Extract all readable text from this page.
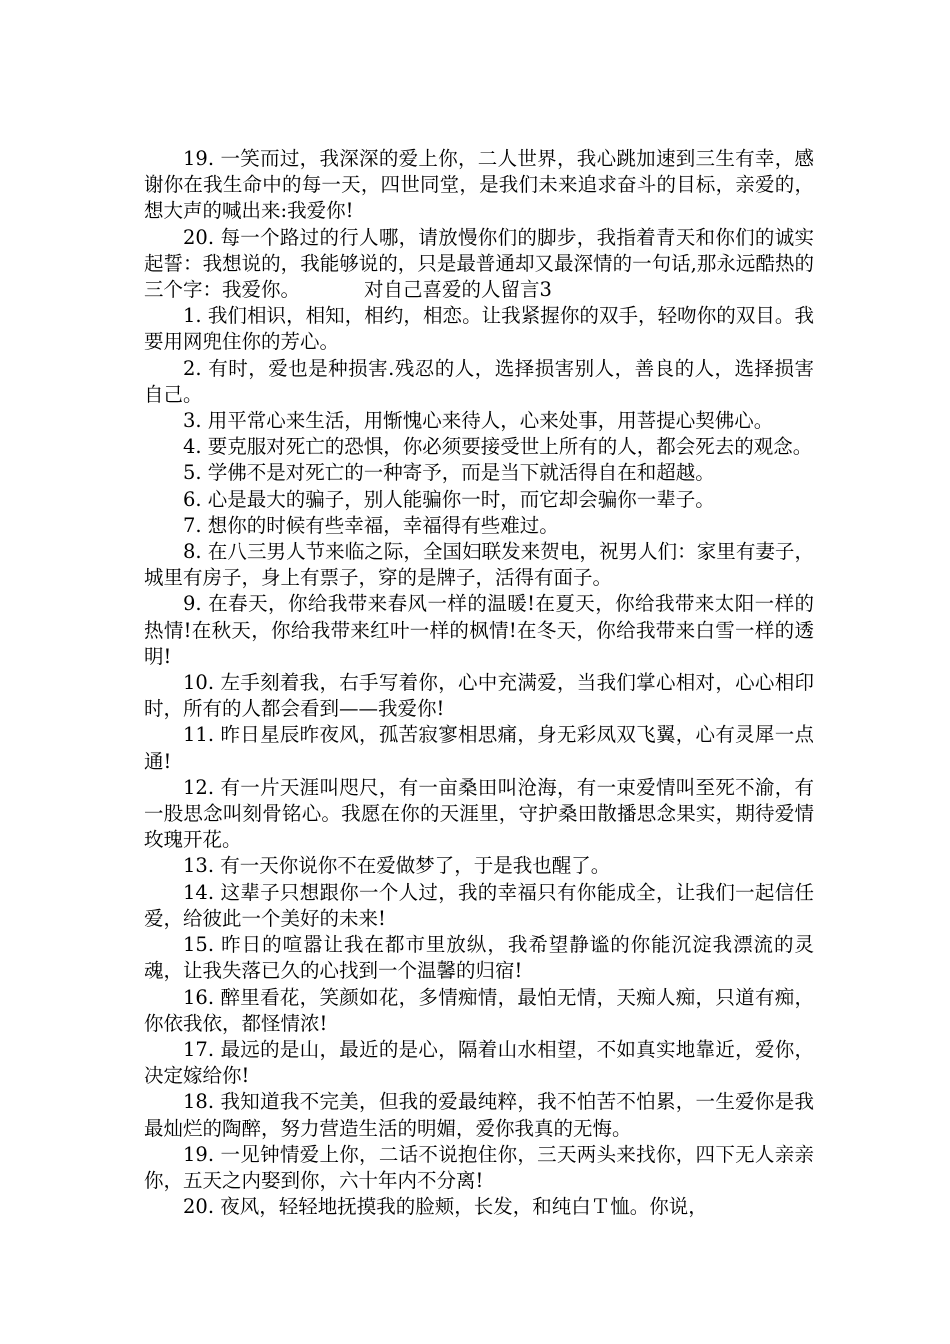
19. 一笑而过，我深深的爱上你，二人世界，我心跳加速到三生有幸，感谢你在我生命中的每一天，四世同堂，是我们未来追求奋斗的目标，亲爱的，想大声的喊出来:我爱你!

20. 每一个路过的行人哪，请放慢你们的脚步，我指着青天和你们的诚实起誓：我想说的，我能够说的，只是最普通却又最深情的一句话,那永远酷热的三个字：我爱你。	对自己喜爱的人留言3

1. 我们相识，相知，相约，相恋。让我紧握你的双手，轻吻你的双目。我要用网兜住你的芳心。

2. 有时，爱也是种损害.残忍的人，选择损害别人，善良的人，选择损害自己。

3. 用平常心来生活，用惭愧心来待人，心来处事，用菩提心契佛心。

4. 要克服对死亡的恐惧，你必须要接受世上所有的人，都会死去的观念。

5. 学佛不是对死亡的一种寄予，而是当下就活得自在和超越。

6. 心是最大的骗子，别人能骗你一时，而它却会骗你一辈子。

7. 想你的时候有些幸福，幸福得有些难过。

8. 在八三男人节来临之际，全国妇联发来贺电，祝男人们：家里有妻子，城里有房子，身上有票子，穿的是牌子，活得有面子。

9. 在春天，你给我带来春风一样的温暖!在夏天，你给我带来太阳一样的热情!在秋天，你给我带来红叶一样的枫情!在冬天，你给我带来白雪一样的透明!

10. 左手刻着我，右手写着你，心中充满爱，当我们掌心相对，心心相印时，所有的人都会看到——我爱你!

11. 昨日星辰昨夜风，孤苦寂寥相思痛，身无彩凤双飞翼，心有灵犀一点通!

12. 有一片天涯叫咫尺，有一亩桑田叫沧海，有一束爱情叫至死不渝，有一股思念叫刻骨铭心。我愿在你的天涯里，守护桑田散播思念果实，期待爱情玫瑰开花。

13. 有一天你说你不在爱做梦了，于是我也醒了。

14. 这辈子只想跟你一个人过，我的幸福只有你能成全，让我们一起信任爱，给彼此一个美好的未来!

15. 昨日的喧嚣让我在都市里放纵，我希望静谧的你能沉淀我漂流的灵魂，让我失落已久的心找到一个温馨的归宿!

16. 醉里看花，笑颜如花，多情痴情，最怕无情，天痴人痴，只道有痴，你依我依，都怪情浓!

17. 最远的是山，最近的是心，隔着山水相望，不如真实地靠近，爱你，决定嫁给你!

18. 我知道我不完美，但我的爱最纯粹，我不怕苦不怕累，一生爱你是我最灿烂的陶醉，努力营造生活的明媚，爱你我真的无悔。

19. 一见钟情爱上你，二话不说抱住你，三天两头来找你，四下无人亲亲你，五天之内娶到你，六十年内不分离!

20. 夜风，轻轻地抚摸我的脸颊，长发，和纯白Ｔ恤。你说，
